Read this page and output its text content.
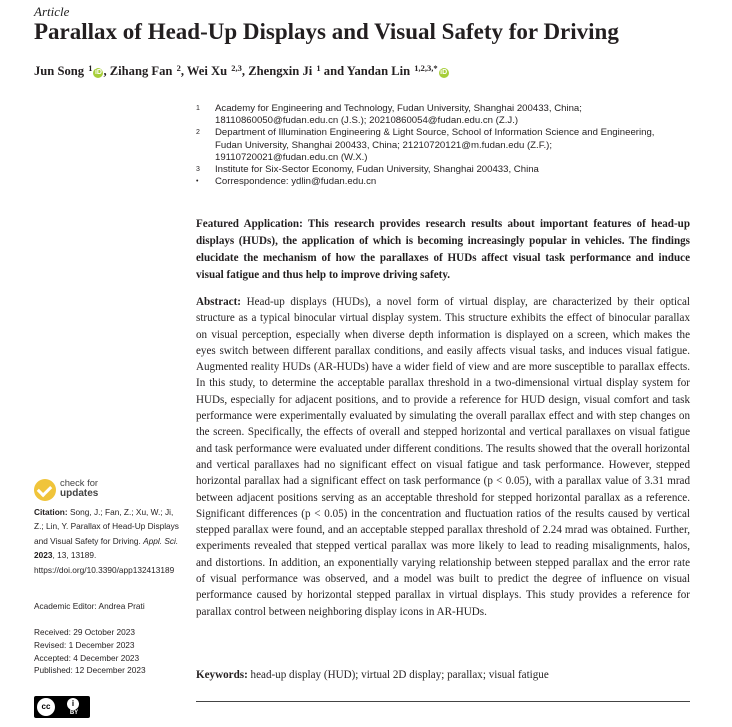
Article
Parallax of Head-Up Displays and Visual Safety for Driving
Jun Song $^1$ iD , Zihang Fan $^2$, Wei Xu $^{2,3}$, Zhengxin Ji $^1$ and Yandan Lin $^{1,2,3,*}$ iD
1	Academy for Engineering and Technology, Fudan University, Shanghai 200433, China;
18110860050@fudan.edu.cn (J.S.); 20210860054@fudan.edu.cn (Z.J.)
2	Department of Illumination Engineering & Light Source, School of Information Science and Engineering,
Fudan University, Shanghai 200433, China; 21210720121@m.fudan.edu (Z.F.);
19110720021@fudan.edu.cn (W.X.)
3	Institute for Six-Sector Economy, Fudan University, Shanghai 200433, China
•	Correspondence: ydlin@fudan.edu.cn
Featured Application: This research provides research results about important features of head-up displays (HUDs), the application of which is becoming increasingly popular in vehicles. The findings elucidate the mechanism of how the parallaxes of HUDs affect visual task performance and induce visual fatigue and thus help to improve driving safety.
Abstract: Head-up displays (HUDs), a novel form of virtual display, are characterized by their optical structure as a typical binocular virtual display system. This structure exhibits the effect of binocular parallax on visual perception, especially when diverse depth information is displayed on a screen, which makes the eyes switch between different parallax conditions, and easily affects visual tasks, and induces visual fatigue. Augmented reality HUDs (AR-HUDs) have a wider field of view and are more susceptible to parallax effects. In this study, to determine the acceptable parallax threshold in a two-dimensional virtual display system for HUDs, especially for adjacent positions, and to provide a reference for HUD design, visual comfort and task performance were experimentally evaluated by simulating the overall parallax effect and with step changes on the screen. Specifically, the effects of overall and stepped horizontal and vertical parallaxes on visual fatigue and task performance were evaluated under different conditions. The results showed that the overall horizontal and vertical parallaxes had no significant effect on visual fatigue and task performance. However, stepped horizontal parallax had a significant effect on task performance (p < 0.05), with a parallax value of 3.31 mrad between adjacent positions serving as an acceptable threshold for stepped horizontal parallax as a reference. Significant differences (p < 0.05) in the concentration and fluctuation ratios of the results caused by vertical stepped parallax were found, and an acceptable stepped parallax threshold of 2.24 mrad was obtained. Further, experiments revealed that stepped vertical parallax was more likely to lead to reading misalignments, halos, and distortions. In addition, an exponentially varying relationship between stepped parallax and the error rate of visual performance was observed, and a model was built to predict the degree of influence on visual performance caused by horizontal stepped parallax in virtual displays. This study provides a reference for parallax control between neighboring display icons in AR-HUDs.
Keywords: head-up display (HUD); virtual 2D display; parallax; visual fatigue
check for
updates
Citation: Song, J.; Fan, Z.; Xu, W.; Ji, Z.; Lin, Y. Parallax of Head-Up Displays and Visual Safety for Driving. Appl. Sci. 2023, 13, 13189. https://doi.org/10.3390/app132413189
Academic Editor: Andrea Prati
Received: 29 October 2023
Revised: 1 December 2023
Accepted: 4 December 2023
Published: 12 December 2023
cc	i
BY
